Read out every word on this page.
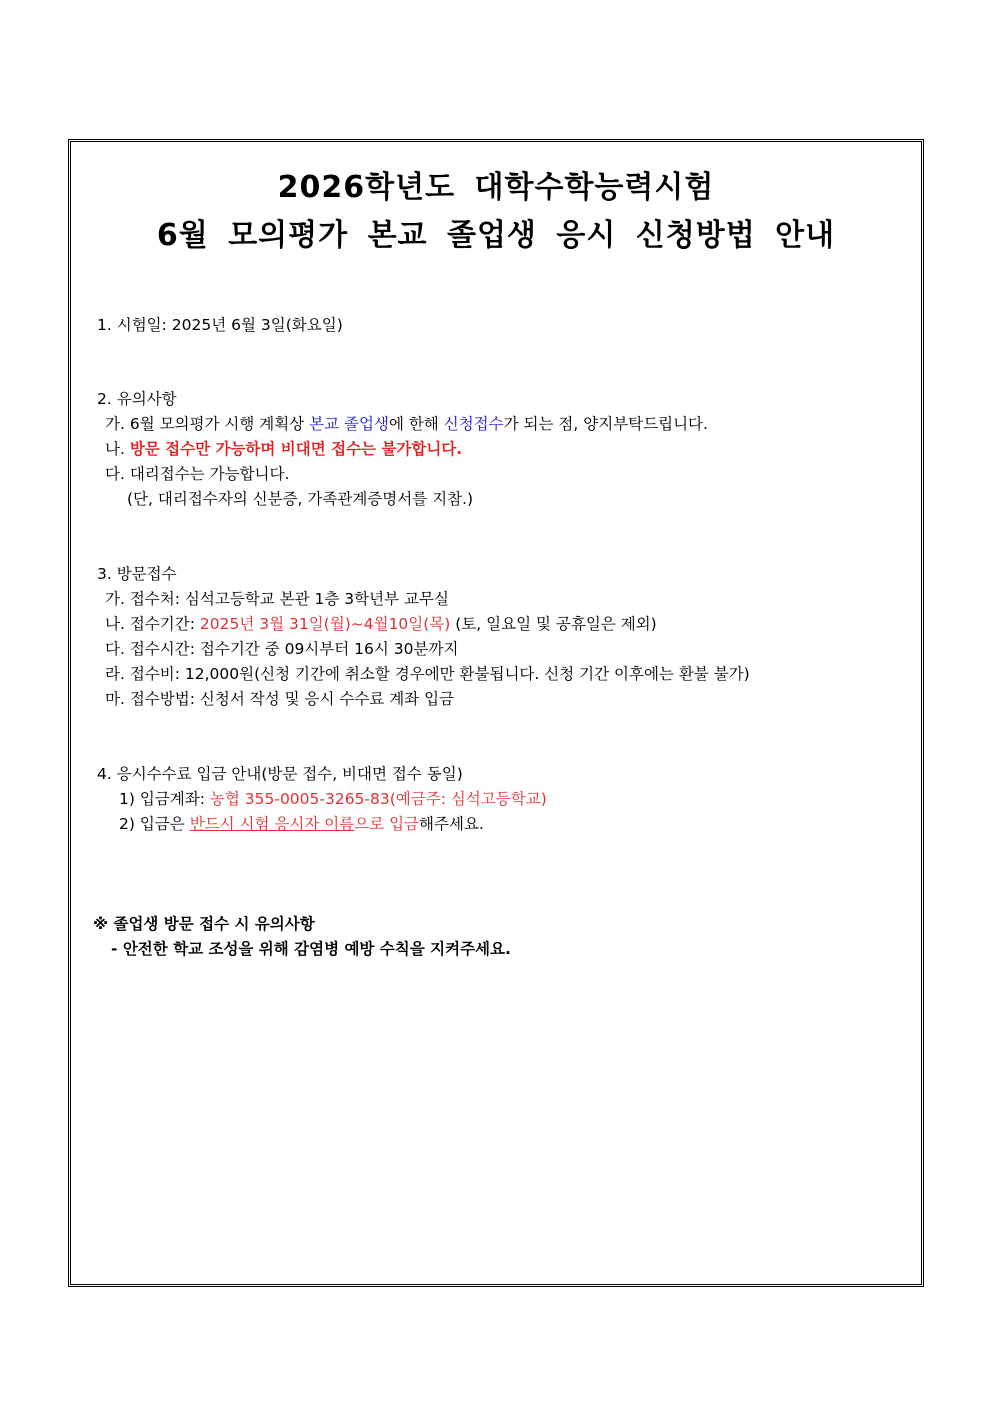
2026학년도 대학수학능력시험
6월 모의평가 본교 졸업생 응시 신청방법 안내
1. 시험일: 2025년 6월 3일(화요일)
2. 유의사항
가. 6월 모의평가 시행 계획상 본교 졸업생에 한해 신청접수가 되는 점, 양지부탁드립니다.
나. 방문 접수만 가능하며 비대면 접수는 불가합니다.
다. 대리접수는 가능합니다.
(단, 대리접수자의 신분증, 가족관계증명서를 지참.)
3. 방문접수
가. 접수처: 심석고등학교 본관 1층 3학년부 교무실
나. 접수기간: 2025년 3월 31일(월)~4월10일(목) (토, 일요일 및 공휴일은 제외)
다. 접수시간: 접수기간 중 09시부터 16시 30분까지
라. 접수비: 12,000원(신청 기간에 취소할 경우에만 환불됩니다. 신청 기간 이후에는 환불 불가)
마. 접수방법: 신청서 작성 및 응시 수수료 계좌 입금
4. 응시수수료 입금 안내(방문 접수, 비대면 접수 동일)
1) 입금계좌: 농협 355-0005-3265-83(예금주: 심석고등학교)
2) 입금은 반드시 시험 응시자 이름으로 입금해주세요.
※ 졸업생 방문 접수 시 유의사항
- 안전한 학교 조성을 위해 감염병 예방 수칙을 지켜주세요.
